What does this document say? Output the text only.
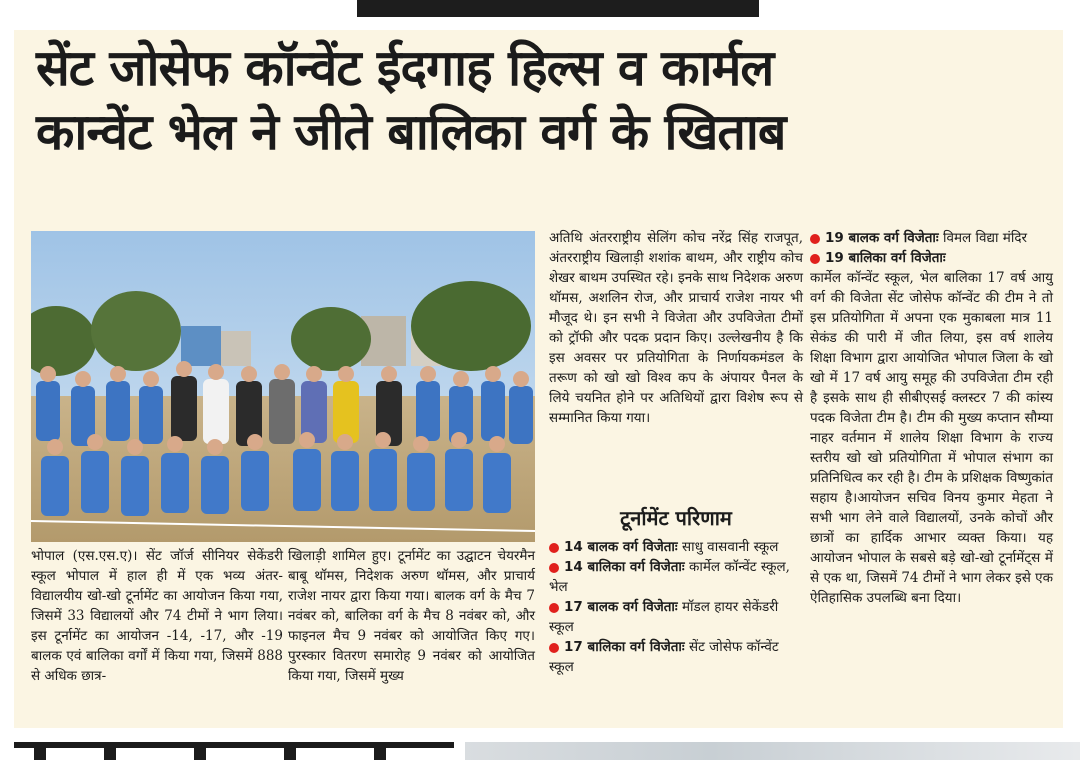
सेंट जोसेफ कॉन्वेंट ईदगाह हिल्स व कार्मल
कान्वेंट भेल ने जीते बालिका वर्ग के खिताब
भोपाल (एस.एस.ए)। सेंट जॉर्ज सीनियर सेकेंडरी स्कूल भोपाल में हाल ही में एक भव्य अंतर-विद्यालयीय खो-खो टूर्नामेंट का आयोजन किया गया, जिसमें 33 विद्यालयों और 74 टीमों ने भाग लिया। इस टूर्नामेंट का आयोजन -14, -17, और -19 बालक एवं बालिका वर्गों में किया गया, जिसमें 888 से अधिक छात्र-
खिलाड़ी शामिल हुए। टूर्नामेंट का उद्घाटन चेयरमैन बाबू थॉमस, निदेशक अरुण थॉमस, और प्राचार्य राजेश नायर द्वारा किया गया। बालक वर्ग के मैच 7 नवंबर को, बालिका वर्ग के मैच 8 नवंबर को, और फाइनल मैच 9 नवंबर को आयोजित किए गए। पुरस्कार वितरण समारोह 9 नवंबर को आयोजित किया गया, जिसमें मुख्य
अतिथि अंतरराष्ट्रीय सेलिंग कोच नरेंद्र सिंह राजपूत, अंतरराष्ट्रीय खिलाड़ी शशांक बाथम, और राष्ट्रीय कोच शेखर बाथम उपस्थित रहे। इनके साथ निदेशक अरुण थॉमस, अशलिन रोज, और प्राचार्य राजेश नायर भी मौजूद थे। इन सभी ने विजेता और उपविजेता टीमों को ट्रॉफी और पदक प्रदान किए। उल्लेखनीय है कि इस अवसर पर प्रतियोगिता के निर्णायकमंडल के तरूण को खो खो विश्व कप के अंपायर पैनल के लिये चयनित होने पर अतिथियों द्वारा विशेष रूप से सम्मानित किया गया।
टूर्नामेंट परिणाम

14 बालक वर्ग विजेताः साधु वासवानी स्कूल

14 बालिका वर्ग विजेताः कार्मेल कॉन्वेंट स्कूल, भेल

17 बालक वर्ग विजेताः मॉडल हायर सेकेंडरी स्कूल

17 बालिका वर्ग विजेताः सेंट जोसेफ कॉन्वेंट स्कूल

19 बालक वर्ग विजेताः विमल विद्या मंदिर

19 बालिका वर्ग विजेताः

कार्मेल कॉन्वेंट स्कूल, भेल बालिका 17 वर्ष आयु वर्ग की विजेता सेंट जोसेफ कॉन्वेंट की टीम ने तो इस प्रतियोगिता में अपना एक मुकाबला मात्र 11 सेकंड की पारी में जीत लिया, इस वर्ष शालेय शिक्षा विभाग द्वारा आयोजित भोपाल जिला के खो खो में 17 वर्ष आयु समूह की उपविजेता टीम रही है इसके साथ ही सीबीएसई क्लस्टर 7 की कांस्य पदक विजेता टीम है। टीम की मुख्य कप्तान सौम्या नाहर वर्तमान में शालेय शिक्षा विभाग के राज्य स्तरीय खो खो प्रतियोगिता में भोपाल संभाग का प्रतिनिधित्व कर रही है। टीम के प्रशिक्षक विष्णुकांत सहाय है।आयोजन सचिव विनय कुमार मेहता ने सभी भाग लेने वाले विद्यालयों, उनके कोचों और छात्रों का हार्दिक आभार व्यक्त किया। यह आयोजन भोपाल के सबसे बड़े खो-खो टूर्नामेंट्स में से एक था, जिसमें 74 टीमों ने भाग लेकर इसे एक ऐतिहासिक उपलब्धि बना दिया।
